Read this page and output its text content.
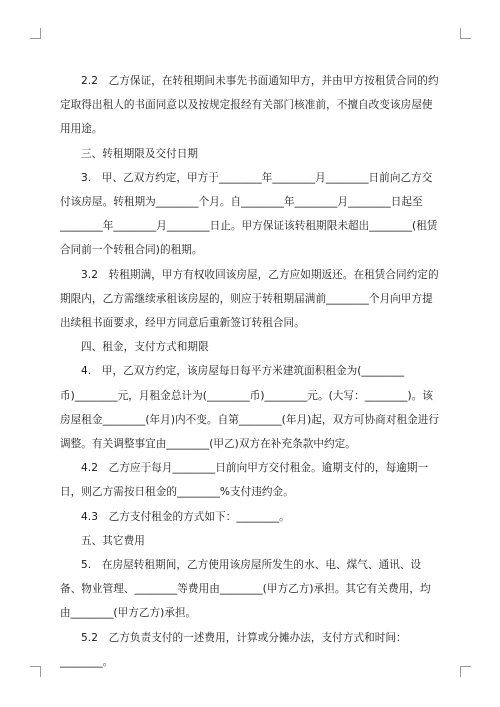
2.2　乙方保证，在转租期间未事先书面通知甲方，并由甲方按租赁合同的约定取得出租人的书面同意以及按规定报经有关部门核准前，不擅自改变该房屋使用用途。

三、转租期限及交付日期

3.　甲、乙双方约定，甲方于________年________月________日前向乙方交付该房屋。转租期为________个月。自________年________月________日起至________年________月________日止。甲方保证该转租期限未超出________(租赁合同前一个转租合同)的租期。

3.2　转租期满，甲方有权收回该房屋，乙方应如期返还。在租赁合同约定的期限内，乙方需继续承租该房屋的，则应于转租期届满前________个月向甲方提出续租书面要求，经甲方同意后重新签订转租合同。

四、租金，支付方式和期限

4.　甲，乙双方约定，该房屋每日每平方米建筑面积租金为(________币)________元，月租金总计为(________币)________元。(大写：________)。该房屋租金________(年月)内不变。自第________(年月)起，双方可协商对租金进行调整。有关调整事宜由________(甲乙)双方在补充条款中约定。

4.2　乙方应于每月________日前向甲方交付租金。逾期支付的，每逾期一日，则乙方需按日租金的________%支付违约金。

4.3　乙方支付租金的方式如下：________。

五、其它费用

5.　在房屋转租期间，乙方使用该房屋所发生的水、电、煤气、通讯、设备、物业管理、________等费用由________(甲方乙方)承担。其它有关费用，均由________(甲方乙方)承担。

5.2　乙方负责支付的一述费用，计算或分摊办法，支付方式和时间：________。
